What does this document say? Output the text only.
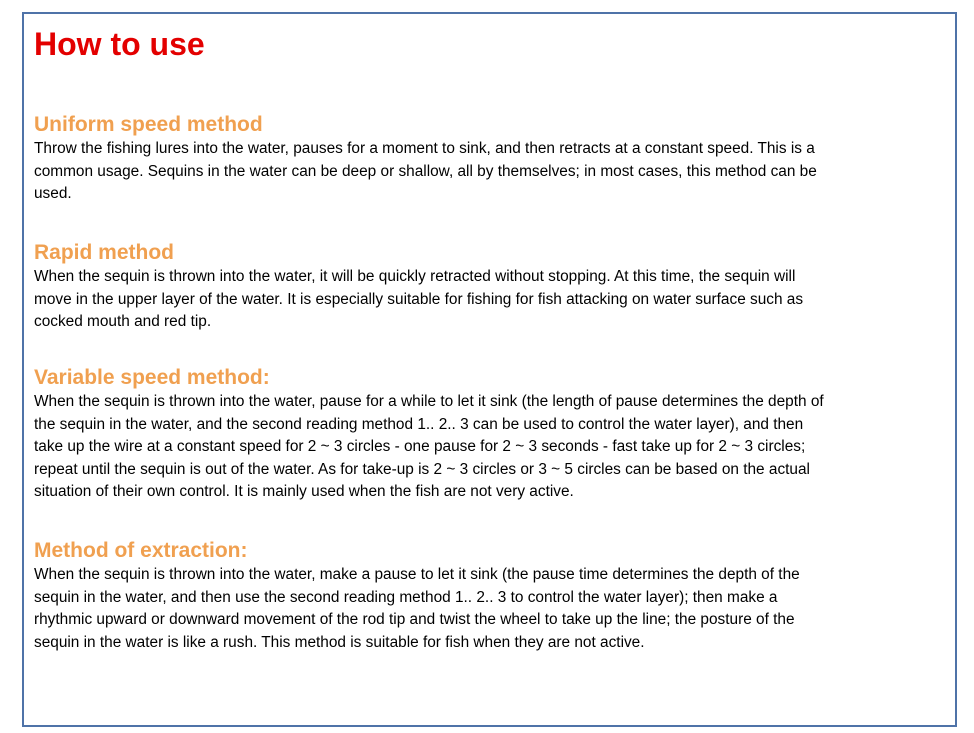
How to use
Uniform speed method

Throw the fishing lures into the water, pauses for a moment to sink, and then retracts at a constant speed. This is a
common usage. Sequins in the water can be deep or shallow, all by themselves; in most cases, this method can be
used.

Rapid method

When the sequin is thrown into the water, it will be quickly retracted without stopping. At this time, the sequin will
move in the upper layer of the water. It is especially suitable for fishing for fish attacking on water surface such as
cocked mouth and red tip.

Variable speed method:

When the sequin is thrown into the water, pause for a while to let it sink (the length of pause determines the depth of
the sequin in the water, and the second reading method 1.. 2.. 3 can be used to control the water layer), and then
take up the wire at a constant speed for 2 ~ 3 circles - one pause for 2 ~ 3 seconds - fast take up for 2 ~ 3 circles;
repeat until the sequin is out of the water. As for take-up is 2 ~ 3 circles or 3 ~ 5 circles can be based on the actual
situation of their own control. It is mainly used when the fish are not very active.

Method of extraction:

When the sequin is thrown into the water, make a pause to let it sink (the pause time determines the depth of the
sequin in the water, and then use the second reading method 1.. 2.. 3 to control the water layer); then make a
rhythmic upward or downward movement of the rod tip and twist the wheel to take up the line; the posture of the
sequin in the water is like a rush. This method is suitable for fish when they are not active.
